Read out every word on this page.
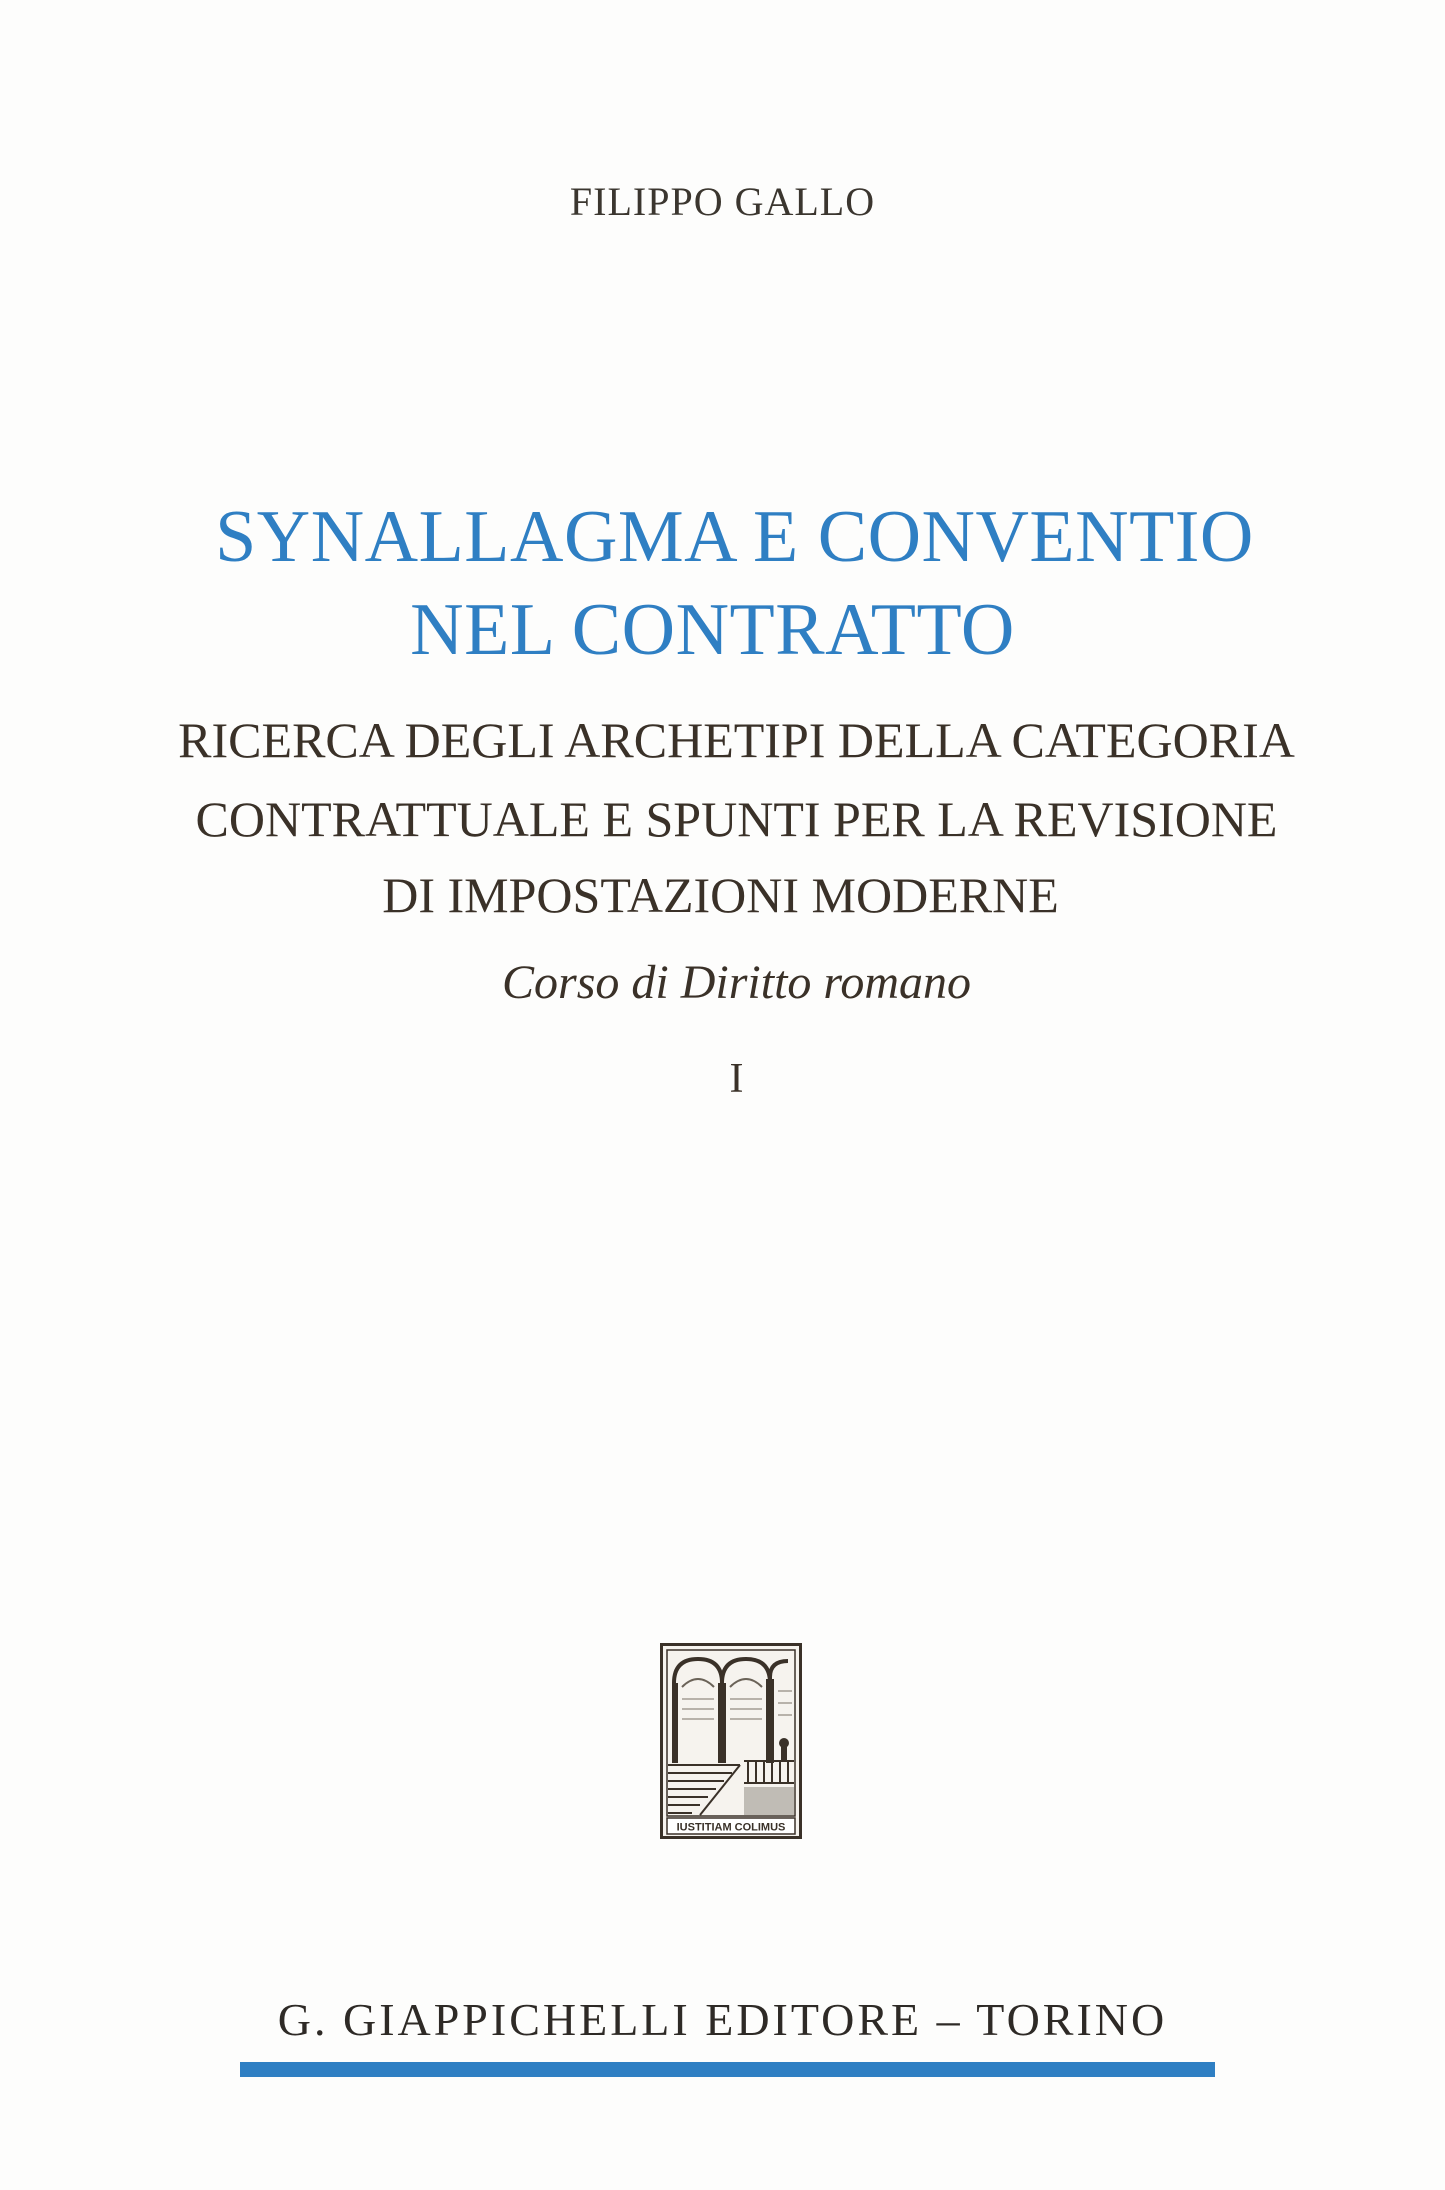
FILIPPO GALLO
SYNALLAGMA E CONVENTIO
NEL CONTRATTO
RICERCA DEGLI ARCHETIPI DELLA CATEGORIA
CONTRATTUALE E SPUNTI PER LA REVISIONE
DI IMPOSTAZIONI MODERNE
Corso di Diritto romano
I
IUSTITIAM COLIMUS
G. GIAPPICHELLI EDITORE – TORINO
